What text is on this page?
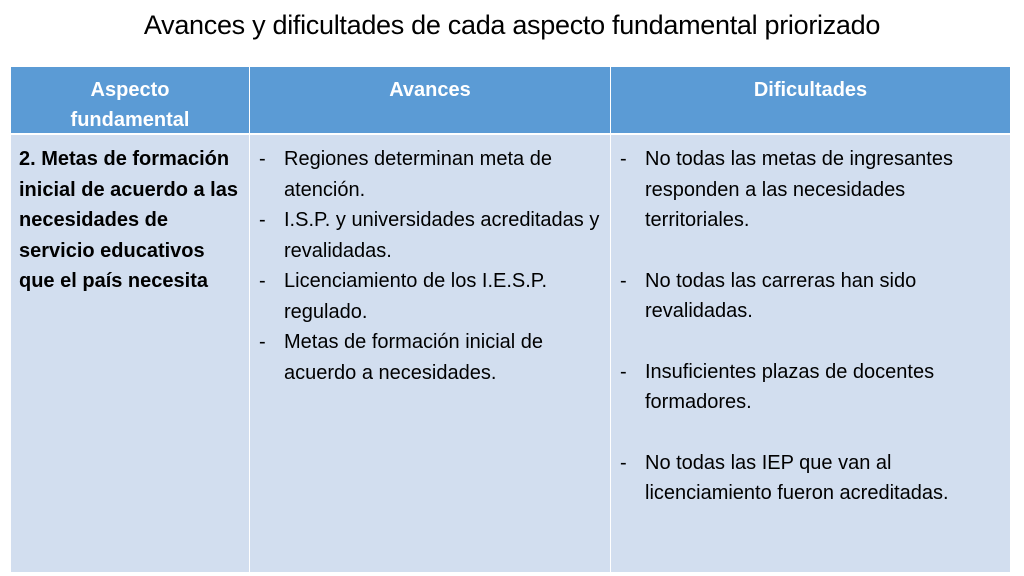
Avances y dificultades de cada aspecto fundamental priorizado
Aspecto fundamental
Avances	Dificultades
2. Metas de formación inicial de acuerdo a las necesidades de servicio educativos que el país necesita
- Regiones determinan meta de atención.
- I.S.P. y universidades acreditadas y revalidadas.
- Licenciamiento de los I.E.S.P. regulado.
- Metas de formación inicial de acuerdo a necesidades.
- No todas las metas de ingresantes responden a las necesidades territoriales.
- No todas las carreras han sido revalidadas.
- Insuficientes plazas de docentes formadores.
- No todas las IEP que van al licenciamiento fueron acreditadas.
